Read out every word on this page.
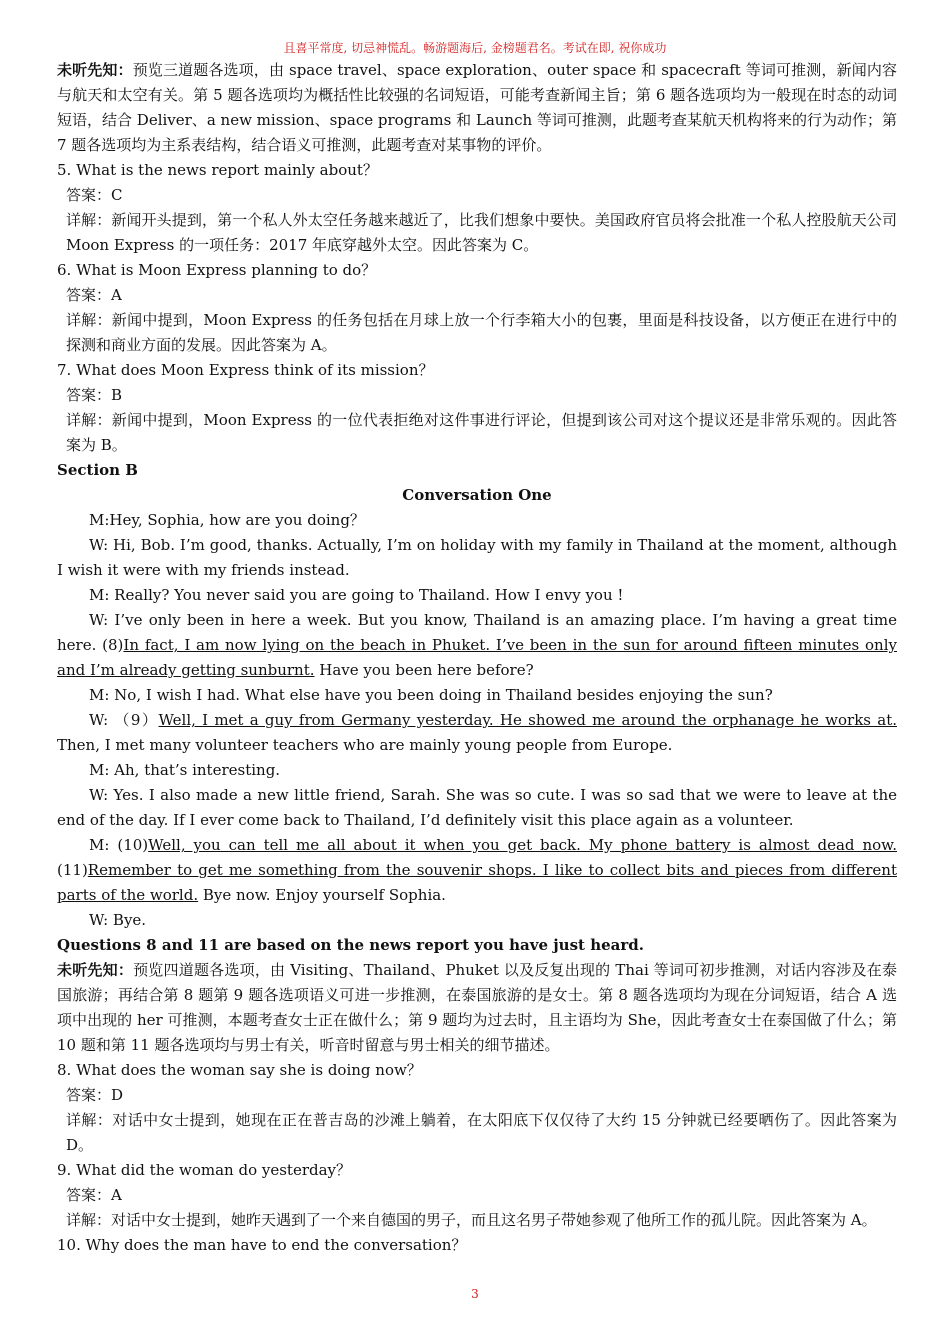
且喜平常度, 切忌神慌乱。畅游题海后, 金榜题君名。考试在即, 祝你成功

未听先知：预览三道题各选项，由 space travel、space exploration、outer space 和 spacecraft 等词可推测，新闻内容与航天和太空有关。第 5 题各选项均为概括性比较强的名词短语，可能考查新闻主旨；第 6 题各选项均为一般现在时态的动词短语，结合 Deliver、a new mission、space programs 和 Launch 等词可推测，此题考查某航天机构将来的行为动作；第 7 题各选项均为主系表结构，结合语义可推测，此题考查对某事物的评价。

5. What is the news report mainly about？

答案：C

详解：新闻开头提到，第一个私人外太空任务越来越近了，比我们想象中要快。美国政府官员将会批准一个私人控股航天公司 Moon Express 的一项任务：2017 年底穿越外太空。因此答案为 C。

6. What is Moon Express planning to do？

答案：A

详解：新闻中提到，Moon Express 的任务包括在月球上放一个行李箱大小的包裹，里面是科技设备，以方便正在进行中的探测和商业方面的发展。因此答案为 A。

7. What does Moon Express think of its mission？

答案：B

详解：新闻中提到，Moon Express 的一位代表拒绝对这件事进行评论，但提到该公司对这个提议还是非常乐观的。因此答案为 B。

Section B

Conversation One

M:Hey, Sophia, how are you doing？

W: Hi, Bob. I’m good, thanks. Actually, I’m on holiday with my family in Thailand at the moment, although I wish it were with my friends instead.

M: Really? You never said you are going to Thailand. How I envy you !

W: I’ve only been in here a week. But you know, Thailand is an amazing place. I’m having a great time here. (8)In fact, I am now lying on the beach in Phuket. I’ve been in the sun for around fifteen minutes only and I’m already getting sunburnt. Have you been here before?

M: No, I wish I had. What else have you been doing in Thailand besides enjoying the sun?

W: （9）Well, I met a guy from Germany yesterday. He showed me around the orphanage he works at. Then, I met many volunteer teachers who are mainly young people from Europe.

M: Ah, that’s interesting.

W: Yes. I also made a new little friend, Sarah. She was so cute. I was so sad that we were to leave at the end of the day. If I ever come back to Thailand, I’d definitely visit this place again as a volunteer.

M: (10)Well, you can tell me all about it when you get back. My phone battery is almost dead now. (11)Remember to get me something from the souvenir shops. I like to collect bits and pieces from different parts of the world. Bye now. Enjoy yourself Sophia.

W: Bye.

Questions 8 and 11 are based on the news report you have just heard.

未听先知：预览四道题各选项，由 Visiting、Thailand、Phuket 以及反复出现的 Thai 等词可初步推测，对话内容涉及在泰国旅游；再结合第 8 题第 9 题各选项语义可进一步推测，在泰国旅游的是女士。第 8 题各选项均为现在分词短语，结合 A 选项中出现的 her 可推测，本题考查女士正在做什么；第 9 题均为过去时，且主语均为 She，因此考查女士在泰国做了什么；第 10 题和第 11 题各选项均与男士有关，听音时留意与男士相关的细节描述。

8. What does the woman say she is doing now？

答案：D

详解：对话中女士提到，她现在正在普吉岛的沙滩上躺着，在太阳底下仅仅待了大约 15 分钟就已经要晒伤了。因此答案为 D。

9. What did the woman do yesterday？

答案：A

详解：对话中女士提到，她昨天遇到了一个来自德国的男子，而且这名男子带她参观了他所工作的孤儿院。因此答案为 A。

10. Why does the man have to end the conversation？

3
